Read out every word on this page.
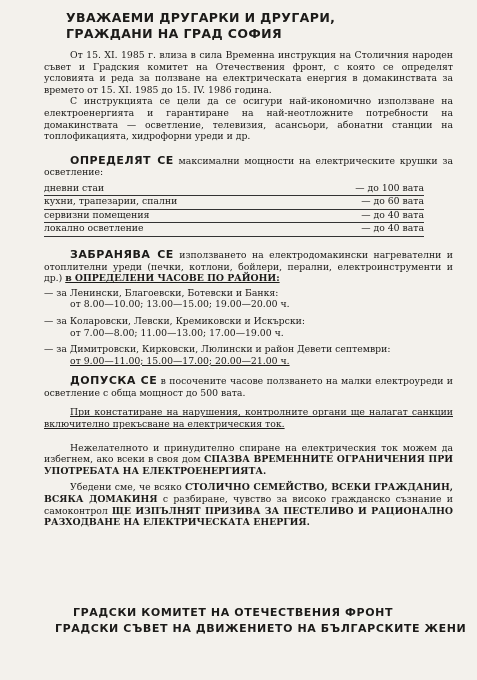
УВАЖАЕМИ ДРУГАРКИ И ДРУГАРИ,
ГРАЖДАНИ НА ГРАД СОФИЯ

От 15. XI. 1985 г. влиза в сила Временна инструкция на Столичния народен съвет и Градския комитет на Отечествения фронт, с която се определят условията и реда за ползване на електрическата енергия в домакинствата за времето от 15. XI. 1985 до 15. IV. 1986 година.

С инструкцията се цели да се осигури най-икономично използване на електроенергията и гарантиране на най-неотложните потребности на домакинствата — осветление, телевизия, асансьори, абонатни станции на топлофикацията, хидрофорни уреди и др.

ОПРЕДЕЛЯТ СЕ максимални мощности на електрическите крушки за осветление:

дневни стаи	— до 100 вата
кухни, трапезарии, спални	— до 60 вата
сервизни помещения	— до 40 вата
локално осветление	— до 40 вата

ЗАБРАНЯВА СЕ използването на електродомакински нагревателни и отоплителни уреди (печки, котлони, бойлери, перални, електроинструменти и др.) в ОПРЕДЕЛЕНИ ЧАСОВЕ ПО РАЙОНИ:

— за Ленински, Благоевски, Ботевски и Банкя:
от 8.00—10.00; 13.00—15.00; 19.00—20.00 ч.
— за Коларовски, Левски, Кремиковски и Искърски:
от 7.00—8.00; 11.00—13.00; 17.00—19.00 ч.
— за Димитровски, Кирковски, Люлински и район Девети септември:
от 9.00—11.00; 15.00—17.00; 20.00—21.00 ч.

ДОПУСКА СЕ в посочените часове ползването на малки електроуреди и осветление с обща мощност до 500 вата.

При констатиране на нарушения, контролните органи ще налагат санкции включително прекъсване на електрическия ток.

Нежелателното и принудително спиране на електрическия ток можем да избегнем, ако всеки в своя дом СПАЗВА ВРЕМЕННИТЕ ОГРАНИЧЕНИЯ ПРИ УПОТРЕБАТА НА ЕЛЕКТРОЕНЕРГИЯТА.

Убедени сме, че всяко СТОЛИЧНО СЕМЕЙСТВО, ВСЕКИ ГРАЖДАНИН, ВСЯКА ДОМАКИНЯ с разбиране, чувство за високо гражданско съзнание и самоконтрол ЩЕ ИЗПЪЛНЯТ ПРИЗИВА ЗА ПЕСТЕЛИВО И РАЦИОНАЛНО РАЗХОДВАНЕ НА ЕЛЕКТРИЧЕСКАТА ЕНЕРГИЯ.

ГРАДСКИ КОМИТЕТ НА ОТЕЧЕСТВЕНИЯ ФРОНТ
ГРАДСКИ СЪВЕТ НА ДВИЖЕНИЕТО НА БЪЛГАРСКИТЕ ЖЕНИ
